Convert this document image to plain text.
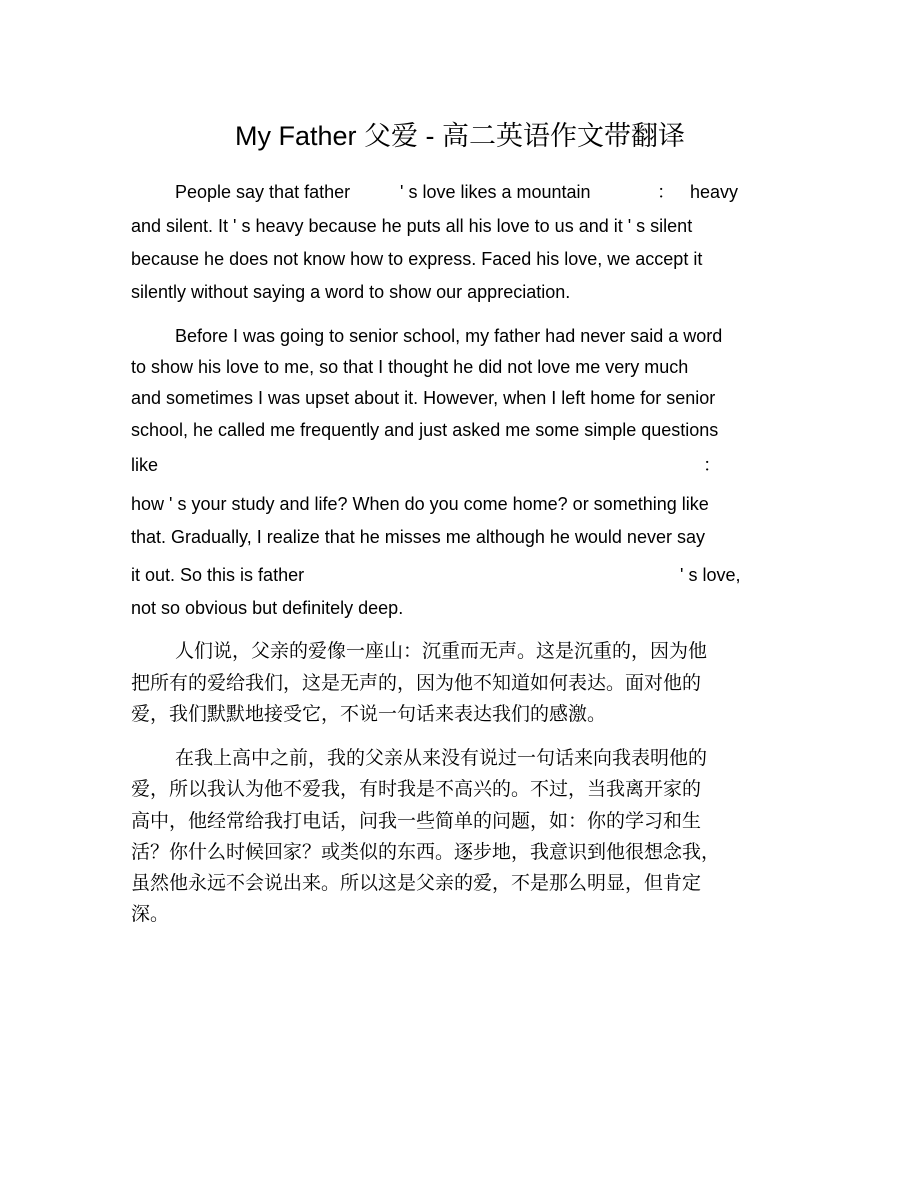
My Father 父爱 - 高二英语作文带翻译
People say that father	' s love likes a mountain	： heavy
and silent. It ' s heavy because he puts all his love to us and it ' s silent
because he does not know how to express. Faced his love, we accept it
silently without saying a word to show our appreciation.
Before I was going to senior school, my father had never said a word
to show his love to me, so that I thought he did not love me very much
and sometimes I was upset about it. However, when I left home for senior
school, he called me frequently and just asked me some simple questions
like	：
how ' s your study and life? When do you come home? or something like
that. Gradually, I realize that he misses me although he would never say
it out. So this is father	' s love,
not so obvious but definitely deep.
人们说，父亲的爱像一座山：沉重而无声。这是沉重的，因为他
把所有的爱给我们，这是无声的，因为他不知道如何表达。面对他的
爱，我们默默地接受它，不说一句话来表达我们的感激。
在我上高中之前，我的父亲从来没有说过一句话来向我表明他的
爱，所以我认为他不爱我，有时我是不高兴的。不过，当我离开家的
高中，他经常给我打电话，问我一些简单的问题，如：你的学习和生
活？你什么时候回家？或类似的东西。逐步地，我意识到他很想念我，
虽然他永远不会说出来。所以这是父亲的爱，不是那么明显，但肯定
深。
